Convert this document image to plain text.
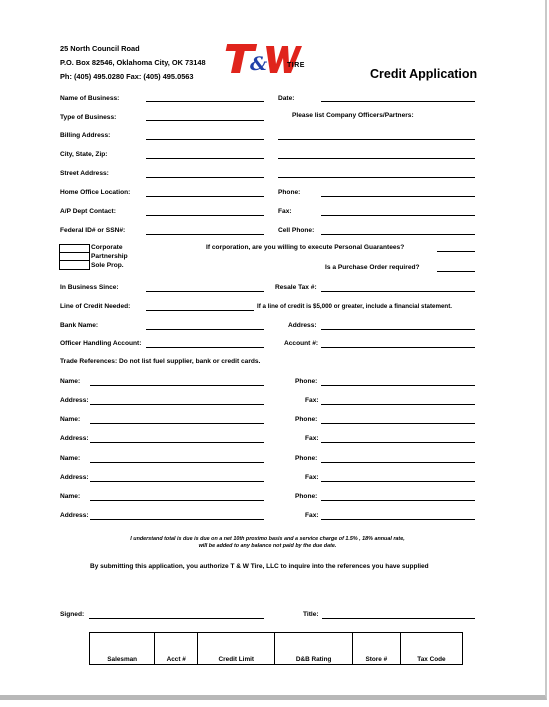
25 North Council Road
P.O. Box 82546, Oklahoma City, OK 73148
Ph: (405) 495.0280 Fax: (405) 495.0563
&	TIRE
Credit Application
Name of Business:	Date:
Type of Business:	Please list Company Officers/Partners:
Billing Address:
City, State, Zip:
Street Address:
Home Office Location:	Phone:
A/P Dept Contact:	Fax:
Federal ID# or SSN#:	Cell Phone:
Corporate
Partnership
Sole Prop.
If corporation, are you willing to execute Personal Guarantees?
Is a Purchase Order required?
In Business Since:	Resale Tax #:
Line of Credit Needed:	If a line of credit is $5,000 or greater, include a financial statement.
Bank Name:	Address:
Officer Handling Account:	Account #:
Trade References: Do not list fuel supplier, bank or credit cards.
Name:	Phone:
Address:	Fax:
Name:	Phone:
Address:	Fax:
Name:	Phone:
Address:	Fax:
Name:	Phone:
Address:	Fax:
I understand total is due is due on a net 10th proximo basis and a service charge of 1.5% , 18% annual rate,
will be added to any balance not paid by the due date.
By submitting this application, you authorize T & W Tire, LLC to inquire into the references you have supplied
Signed:	Title:
Salesman	Acct #	Credit Limit	D&B Rating	Store #	Tax Code
